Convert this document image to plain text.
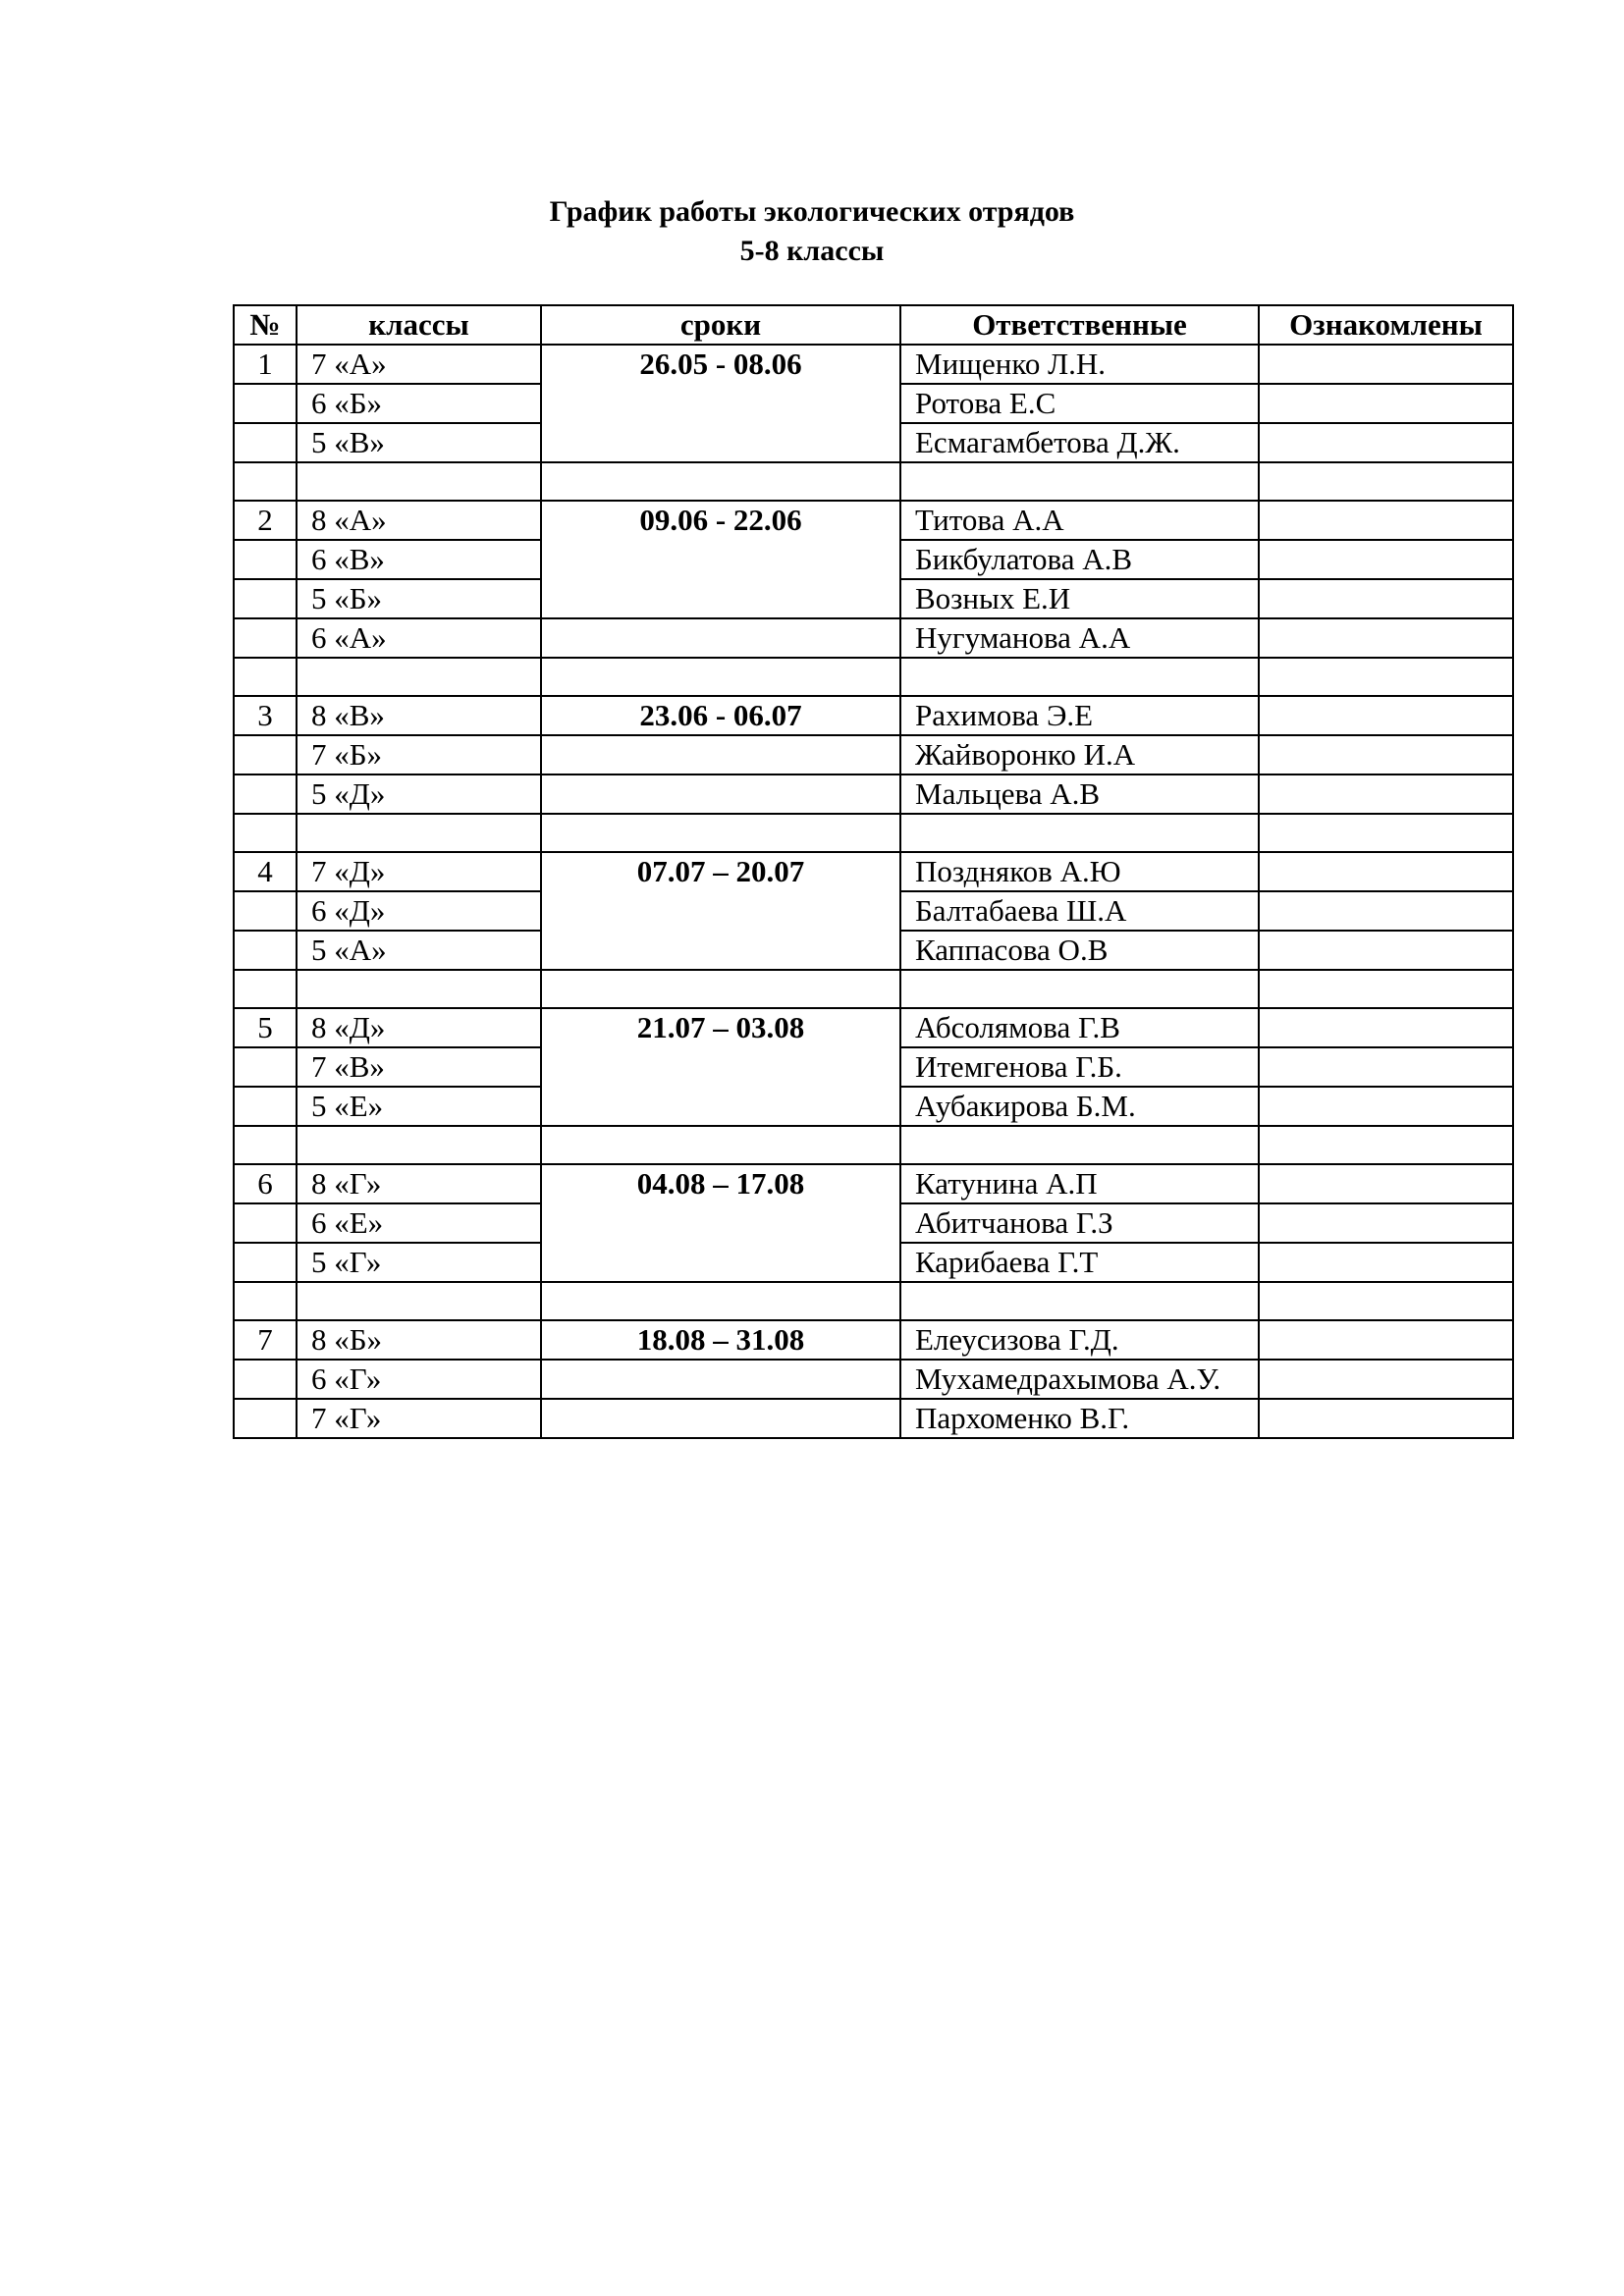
График работы экологических отрядов
5-8 классы
№	классы	сроки	Ответственные	Ознакомлены
1	7 «А»	26.05 - 08.06	Мищенко Л.Н.	
	6 «Б»		Ротова Е.С	
	5 «В»		Есмагамбетова Д.Ж.	

2	8 «А»	09.06 - 22.06	Титова А.А	
	6 «В»		Бикбулатова А.В	
	5 «Б»		Возных Е.И	
	6 «А»		Нугуманова А.А	

3	8 «В»	23.06 - 06.07	Рахимова Э.Е	
	7 «Б»		Жайворонко И.А	
	5 «Д»		Мальцева А.В	

4	7 «Д»	07.07 – 20.07	Поздняков А.Ю	
	6 «Д»		Балтабаева Ш.А	
	5 «А»		Каппасова О.В	

5	8 «Д»	21.07 – 03.08	Абсолямова Г.В	
	7 «В»		Итемгенова Г.Б.	
	5 «Е»		Аубакирова Б.М.	

6	8 «Г»	04.08 – 17.08	Катунина А.П	
	6 «Е»		Абитчанова Г.З	
	5 «Г»		Карибаева Г.Т	

7	8 «Б»	18.08 – 31.08	Елеусизова Г.Д.	
	6 «Г»		Мухамедрахымова А.У.	
	7 «Г»		Пархоменко В.Г.	
